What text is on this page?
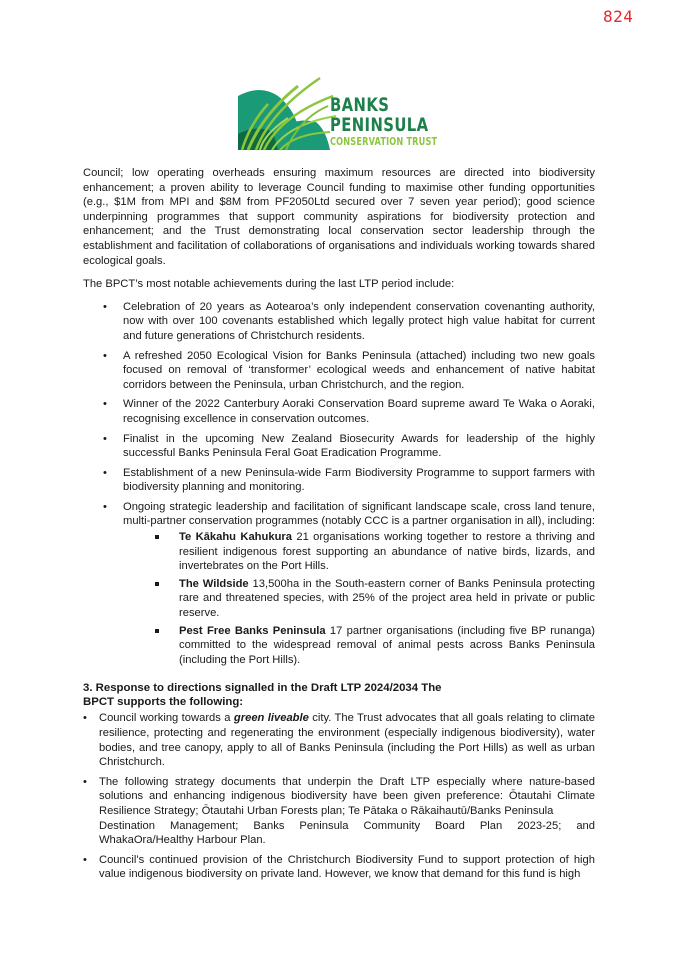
824
BANKS
PENINSULA
CONSERVATION TRUST

Council; low operating overheads ensuring maximum resources are directed into biodiversity enhancement; a proven ability to leverage Council funding to maximise other funding opportunities (e.g., $1M from MPI and $8M from PF2050Ltd secured over 7 seven year period); good science underpinning programmes that support community aspirations for biodiversity protection and enhancement; and the Trust demonstrating local conservation sector leadership through the establishment and facilitation of collaborations of organisations and individuals working towards shared ecological goals.

The BPCT’s most notable achievements during the last LTP period include:

• Celebration of 20 years as Aotearoa’s only independent conservation covenanting authority, now with over 100 covenants established which legally protect high value habitat for current and future generations of Christchurch residents.
• A refreshed 2050 Ecological Vision for Banks Peninsula (attached) including two new goals focused on removal of ‘transformer’ ecological weeds and enhancement of native habitat corridors between the Peninsula, urban Christchurch, and the region.
• Winner of the 2022 Canterbury Aoraki Conservation Board supreme award Te Waka o Aoraki, recognising excellence in conservation outcomes.
• Finalist in the upcoming New Zealand Biosecurity Awards for leadership of the highly successful Banks Peninsula Feral Goat Eradication Programme.
• Establishment of a new Peninsula-wide Farm Biodiversity Programme to support farmers with biodiversity planning and monitoring.
• Ongoing strategic leadership and facilitation of significant landscape scale, cross land tenure, multi-partner conservation programmes (notably CCC is a partner organisation in all), including:
Te Kākahu Kahukura 21 organisations working together to restore a thriving and resilient indigenous forest supporting an abundance of native birds, lizards, and invertebrates on the Port Hills.
The Wildside 13,500ha in the South-eastern corner of Banks Peninsula protecting rare and threatened species, with 25% of the project area held in private or public reserve.
Pest Free Banks Peninsula 17 partner organisations (including five BP runanga) committed to the widespread removal of animal pests across Banks Peninsula (including the Port Hills).
3. Response to directions signalled in the Draft LTP 2024/2034 The
BPCT supports the following:
• Council working towards a green liveable city. The Trust advocates that all goals relating to climate resilience, protecting and regenerating the environment (especially indigenous biodiversity), water bodies, and tree canopy, apply to all of Banks Peninsula (including the Port Hills) as well as urban Christchurch.
• The following strategy documents that underpin the Draft LTP especially where nature-based solutions and enhancing indigenous biodiversity have been given preference: Ōtautahi Climate
Resilience Strategy; Ōtautahi Urban Forests plan; Te Pātaka o Rākaihautū/Banks Peninsula
Destination Management; Banks Peninsula Community Board Plan 2023-25; and WhakaOra/Healthy Harbour Plan.
• Council’s continued provision of the Christchurch Biodiversity Fund to support protection of high value indigenous biodiversity on private land. However, we know that demand for this fund is high
